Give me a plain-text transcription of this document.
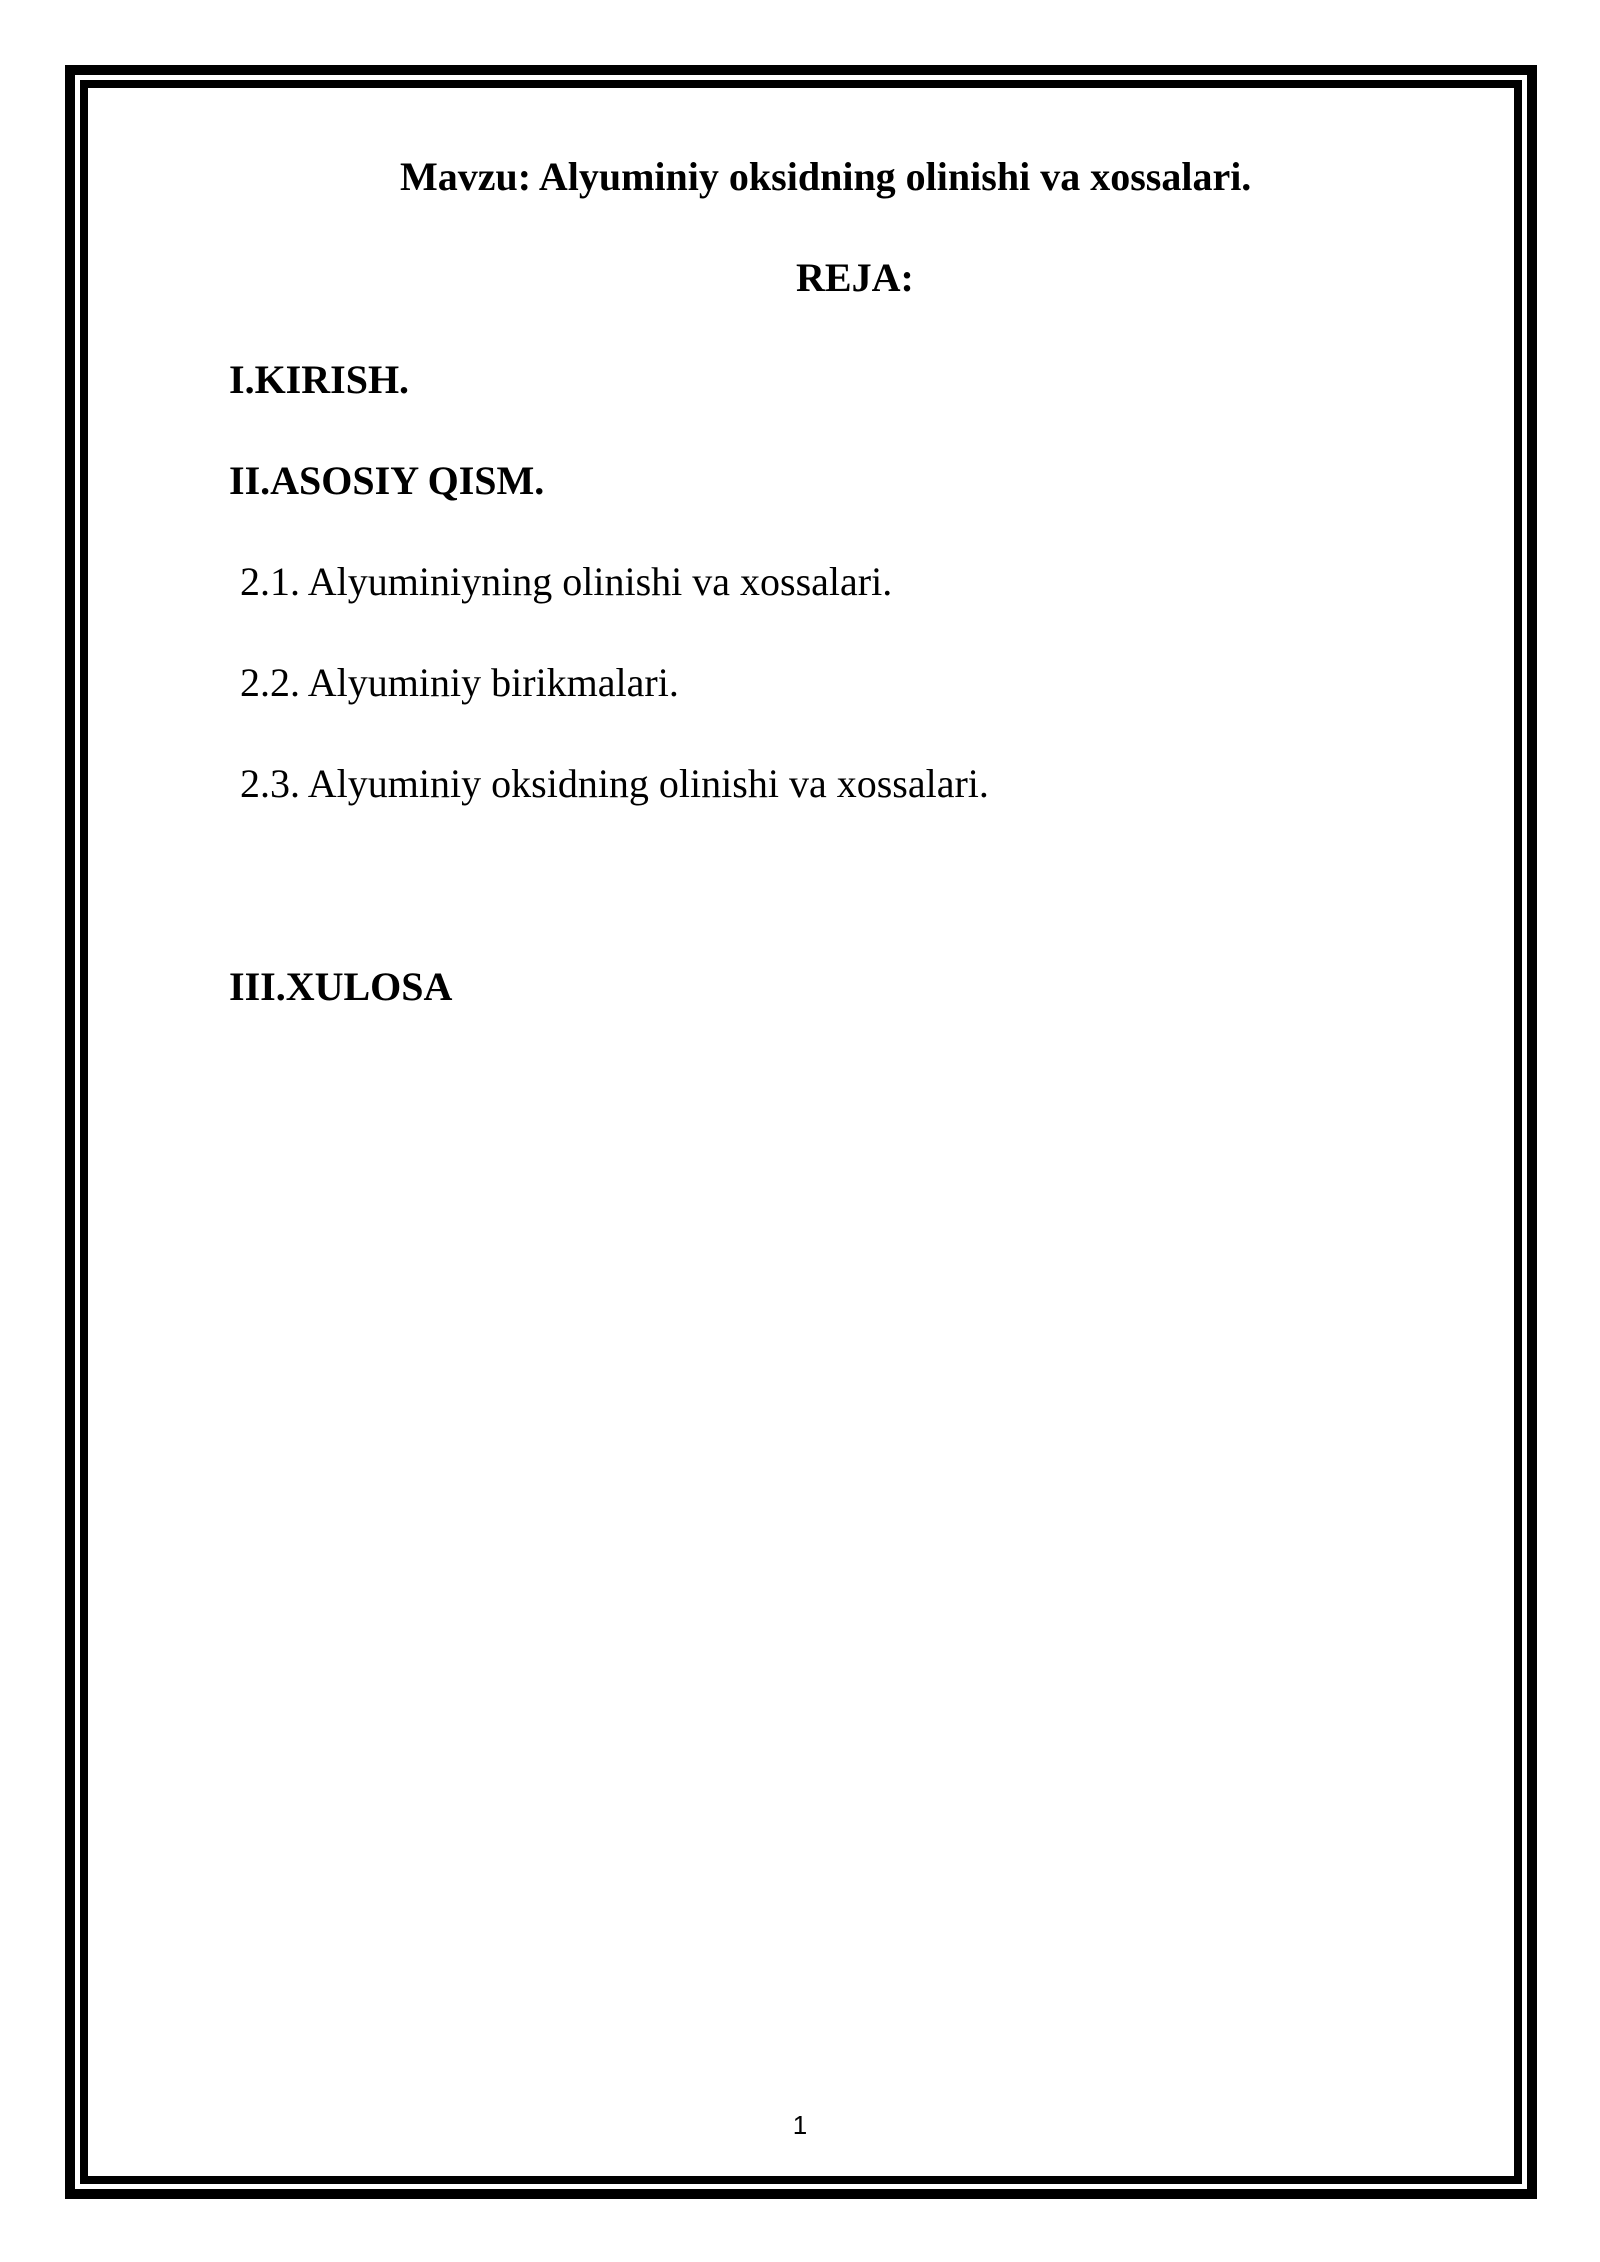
Mavzu: Alyuminiy oksidning olinishi va xossalari.
REJA:
I.KIRISH.
II.ASOSIY QISM.
2.1. Alyuminiyning olinishi va xossalari.
2.2. Alyuminiy birikmalari.
2.3. Alyuminiy oksidning olinishi va xossalari.
III.XULOSA
1
